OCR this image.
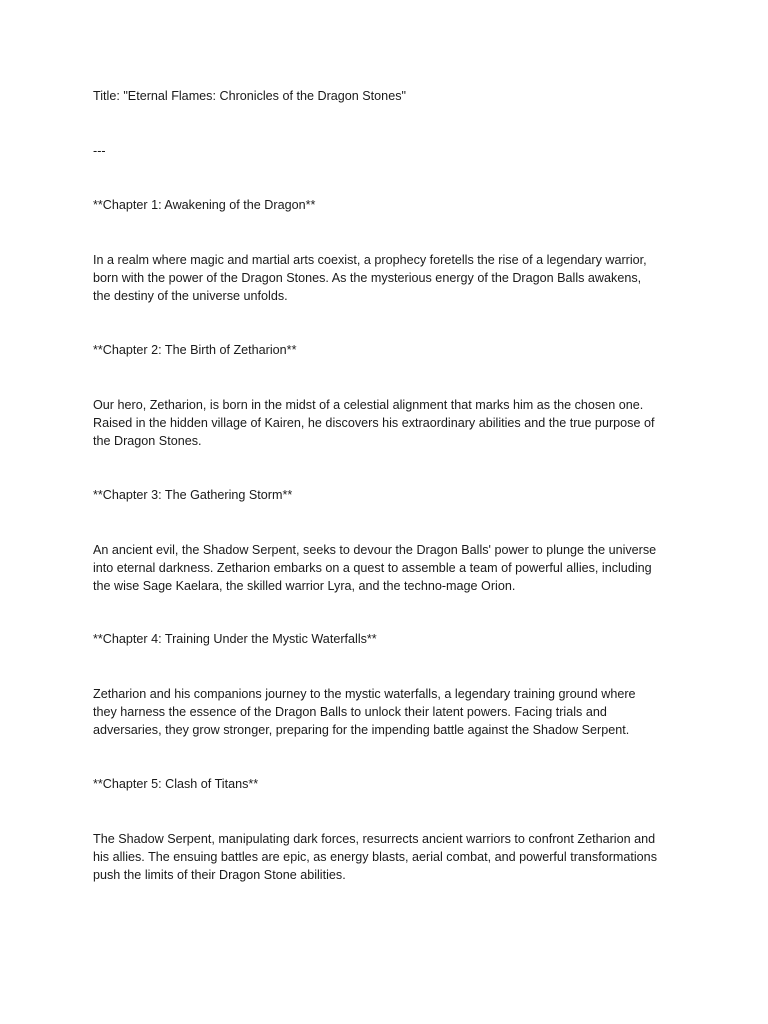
Title: "Eternal Flames: Chronicles of the Dragon Stones"

---

**Chapter 1: Awakening of the Dragon**

In a realm where magic and martial arts coexist, a prophecy foretells the rise of a legendary warrior,
born with the power of the Dragon Stones. As the mysterious energy of the Dragon Balls awakens,
the destiny of the universe unfolds.

**Chapter 2: The Birth of Zetharion**

Our hero, Zetharion, is born in the midst of a celestial alignment that marks him as the chosen one.
Raised in the hidden village of Kairen, he discovers his extraordinary abilities and the true purpose of
the Dragon Stones.

**Chapter 3: The Gathering Storm**

An ancient evil, the Shadow Serpent, seeks to devour the Dragon Balls' power to plunge the universe
into eternal darkness. Zetharion embarks on a quest to assemble a team of powerful allies, including
the wise Sage Kaelara, the skilled warrior Lyra, and the techno-mage Orion.

**Chapter 4: Training Under the Mystic Waterfalls**

Zetharion and his companions journey to the mystic waterfalls, a legendary training ground where
they harness the essence of the Dragon Balls to unlock their latent powers. Facing trials and
adversaries, they grow stronger, preparing for the impending battle against the Shadow Serpent.

**Chapter 5: Clash of Titans**

The Shadow Serpent, manipulating dark forces, resurrects ancient warriors to confront Zetharion and
his allies. The ensuing battles are epic, as energy blasts, aerial combat, and powerful transformations
push the limits of their Dragon Stone abilities.
